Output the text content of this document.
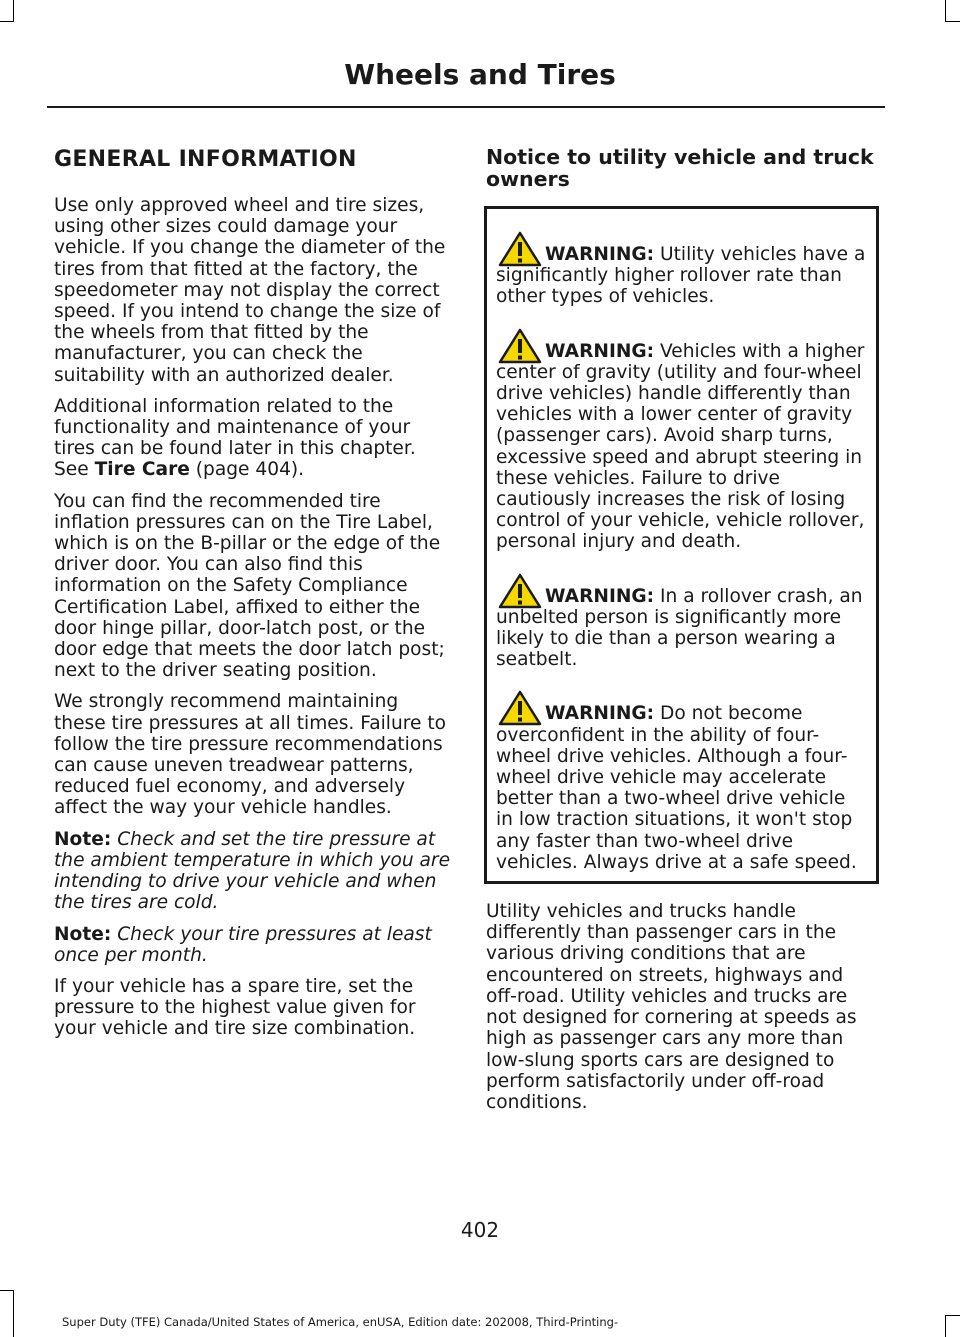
Wheels and Tires
GENERAL INFORMATION

Use only approved wheel and tire sizes, using other sizes could damage your vehicle. If you change the diameter of the tires from that fitted at the factory, the speedometer may not display the correct speed. If you intend to change the size of the wheels from that fitted by the manufacturer, you can check the suitability with an authorized dealer.

Additional information related to the functionality and maintenance of your tires can be found later in this chapter. See Tire Care (page 404).

You can find the recommended tire inflation pressures can on the Tire Label, which is on the B-pillar or the edge of the driver door. You can also find this information on the Safety Compliance Certification Label, affixed to either the door hinge pillar, door-latch post, or the door edge that meets the door latch post; next to the driver seating position.

We strongly recommend maintaining these tire pressures at all times. Failure to follow the tire pressure recommendations can cause uneven treadwear patterns, reduced fuel economy, and adversely affect the way your vehicle handles.

Note: Check and set the tire pressure at the ambient temperature in which you are intending to drive your vehicle and when the tires are cold.

Note: Check your tire pressures at least once per month.

If your vehicle has a spare tire, set the pressure to the highest value given for your vehicle and tire size combination.

Notice to utility vehicle and truck owners
WARNING: Utility vehicles have a significantly higher rollover rate than other types of vehicles.
WARNING: Vehicles with a higher center of gravity (utility and four-wheel drive vehicles) handle differently than vehicles with a lower center of gravity (passenger cars). Avoid sharp turns, excessive speed and abrupt steering in these vehicles. Failure to drive cautiously increases the risk of losing control of your vehicle, vehicle rollover, personal injury and death.
WARNING: In a rollover crash, an unbelted person is significantly more likely to die than a person wearing a seatbelt.
WARNING: Do not become overconfident in the ability of four-wheel drive vehicles. Although a four-wheel drive vehicle may accelerate better than a two-wheel drive vehicle in low traction situations, it won't stop any faster than two-wheel drive vehicles. Always drive at a safe speed.

Utility vehicles and trucks handle differently than passenger cars in the various driving conditions that are encountered on streets, highways and off-road. Utility vehicles and trucks are not designed for cornering at speeds as high as passenger cars any more than low-slung sports cars are designed to perform satisfactorily under off-road conditions.

402
Super Duty (TFE) Canada/United States of America, enUSA, Edition date: 202008, Third-Printing-
